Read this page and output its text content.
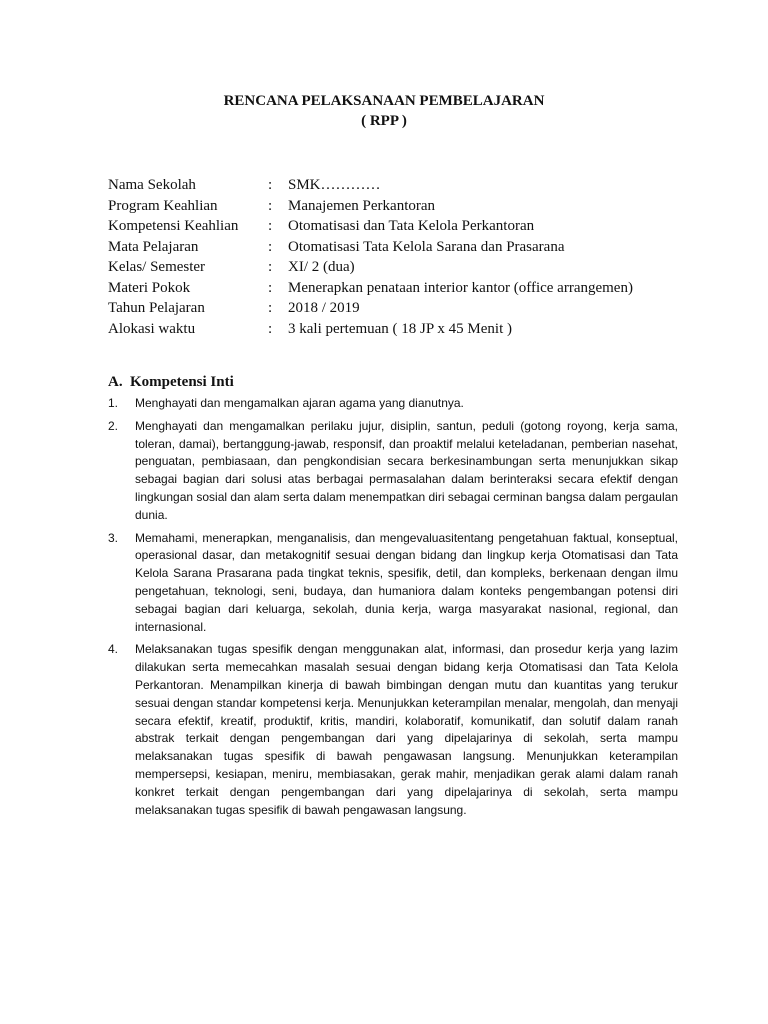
RENCANA PELAKSANAAN PEMBELAJARAN
( RPP )
Nama Sekolah	:	SMK…………
Program Keahlian	:	Manajemen Perkantoran
Kompetensi Keahlian	:	Otomatisasi dan Tata Kelola Perkantoran
Mata Pelajaran	:	Otomatisasi Tata Kelola Sarana dan Prasarana
Kelas/ Semester	:	XI/ 2 (dua)
Materi Pokok	:	Menerapkan penataan interior kantor (office arrangemen)
Tahun Pelajaran	:	2018 / 2019
Alokasi waktu	:	3 kali pertemuan ( 18 JP x 45 Menit )
A. Kompetensi Inti
1.	Menghayati dan mengamalkan ajaran agama yang dianutnya.
2.	Menghayati dan mengamalkan perilaku jujur, disiplin, santun, peduli (gotong royong, kerja sama, toleran, damai), bertanggung-jawab, responsif, dan proaktif melalui keteladanan, pemberian nasehat, penguatan, pembiasaan, dan pengkondisian secara berkesinambungan serta menunjukkan sikap sebagai bagian dari solusi atas berbagai permasalahan dalam berinteraksi secara efektif dengan lingkungan sosial dan alam serta dalam menempatkan diri sebagai cerminan bangsa dalam pergaulan dunia.
3.	Memahami, menerapkan, menganalisis, dan mengevaluasitentang pengetahuan faktual, konseptual, operasional dasar, dan metakognitif sesuai dengan bidang dan lingkup kerja Otomatisasi dan Tata Kelola Sarana Prasarana pada tingkat teknis, spesifik, detil, dan kompleks, berkenaan dengan ilmu pengetahuan, teknologi, seni, budaya, dan humaniora dalam konteks pengembangan potensi diri sebagai bagian dari keluarga, sekolah, dunia kerja, warga masyarakat nasional, regional, dan internasional.
4.	Melaksanakan tugas spesifik dengan menggunakan alat, informasi, dan prosedur kerja yang lazim dilakukan serta memecahkan masalah sesuai dengan bidang kerja Otomatisasi dan Tata Kelola Perkantoran. Menampilkan kinerja di bawah bimbingan dengan mutu dan kuantitas yang terukur sesuai dengan standar kompetensi kerja. Menunjukkan keterampilan menalar, mengolah, dan menyaji secara efektif, kreatif, produktif, kritis, mandiri, kolaboratif, komunikatif, dan solutif dalam ranah abstrak terkait dengan pengembangan dari yang dipelajarinya di sekolah, serta mampu melaksanakan tugas spesifik di bawah pengawasan langsung. Menunjukkan keterampilan mempersepsi, kesiapan, meniru, membiasakan, gerak mahir, menjadikan gerak alami dalam ranah konkret terkait dengan pengembangan dari yang dipelajarinya di sekolah, serta mampu melaksanakan tugas spesifik di bawah pengawasan langsung.
